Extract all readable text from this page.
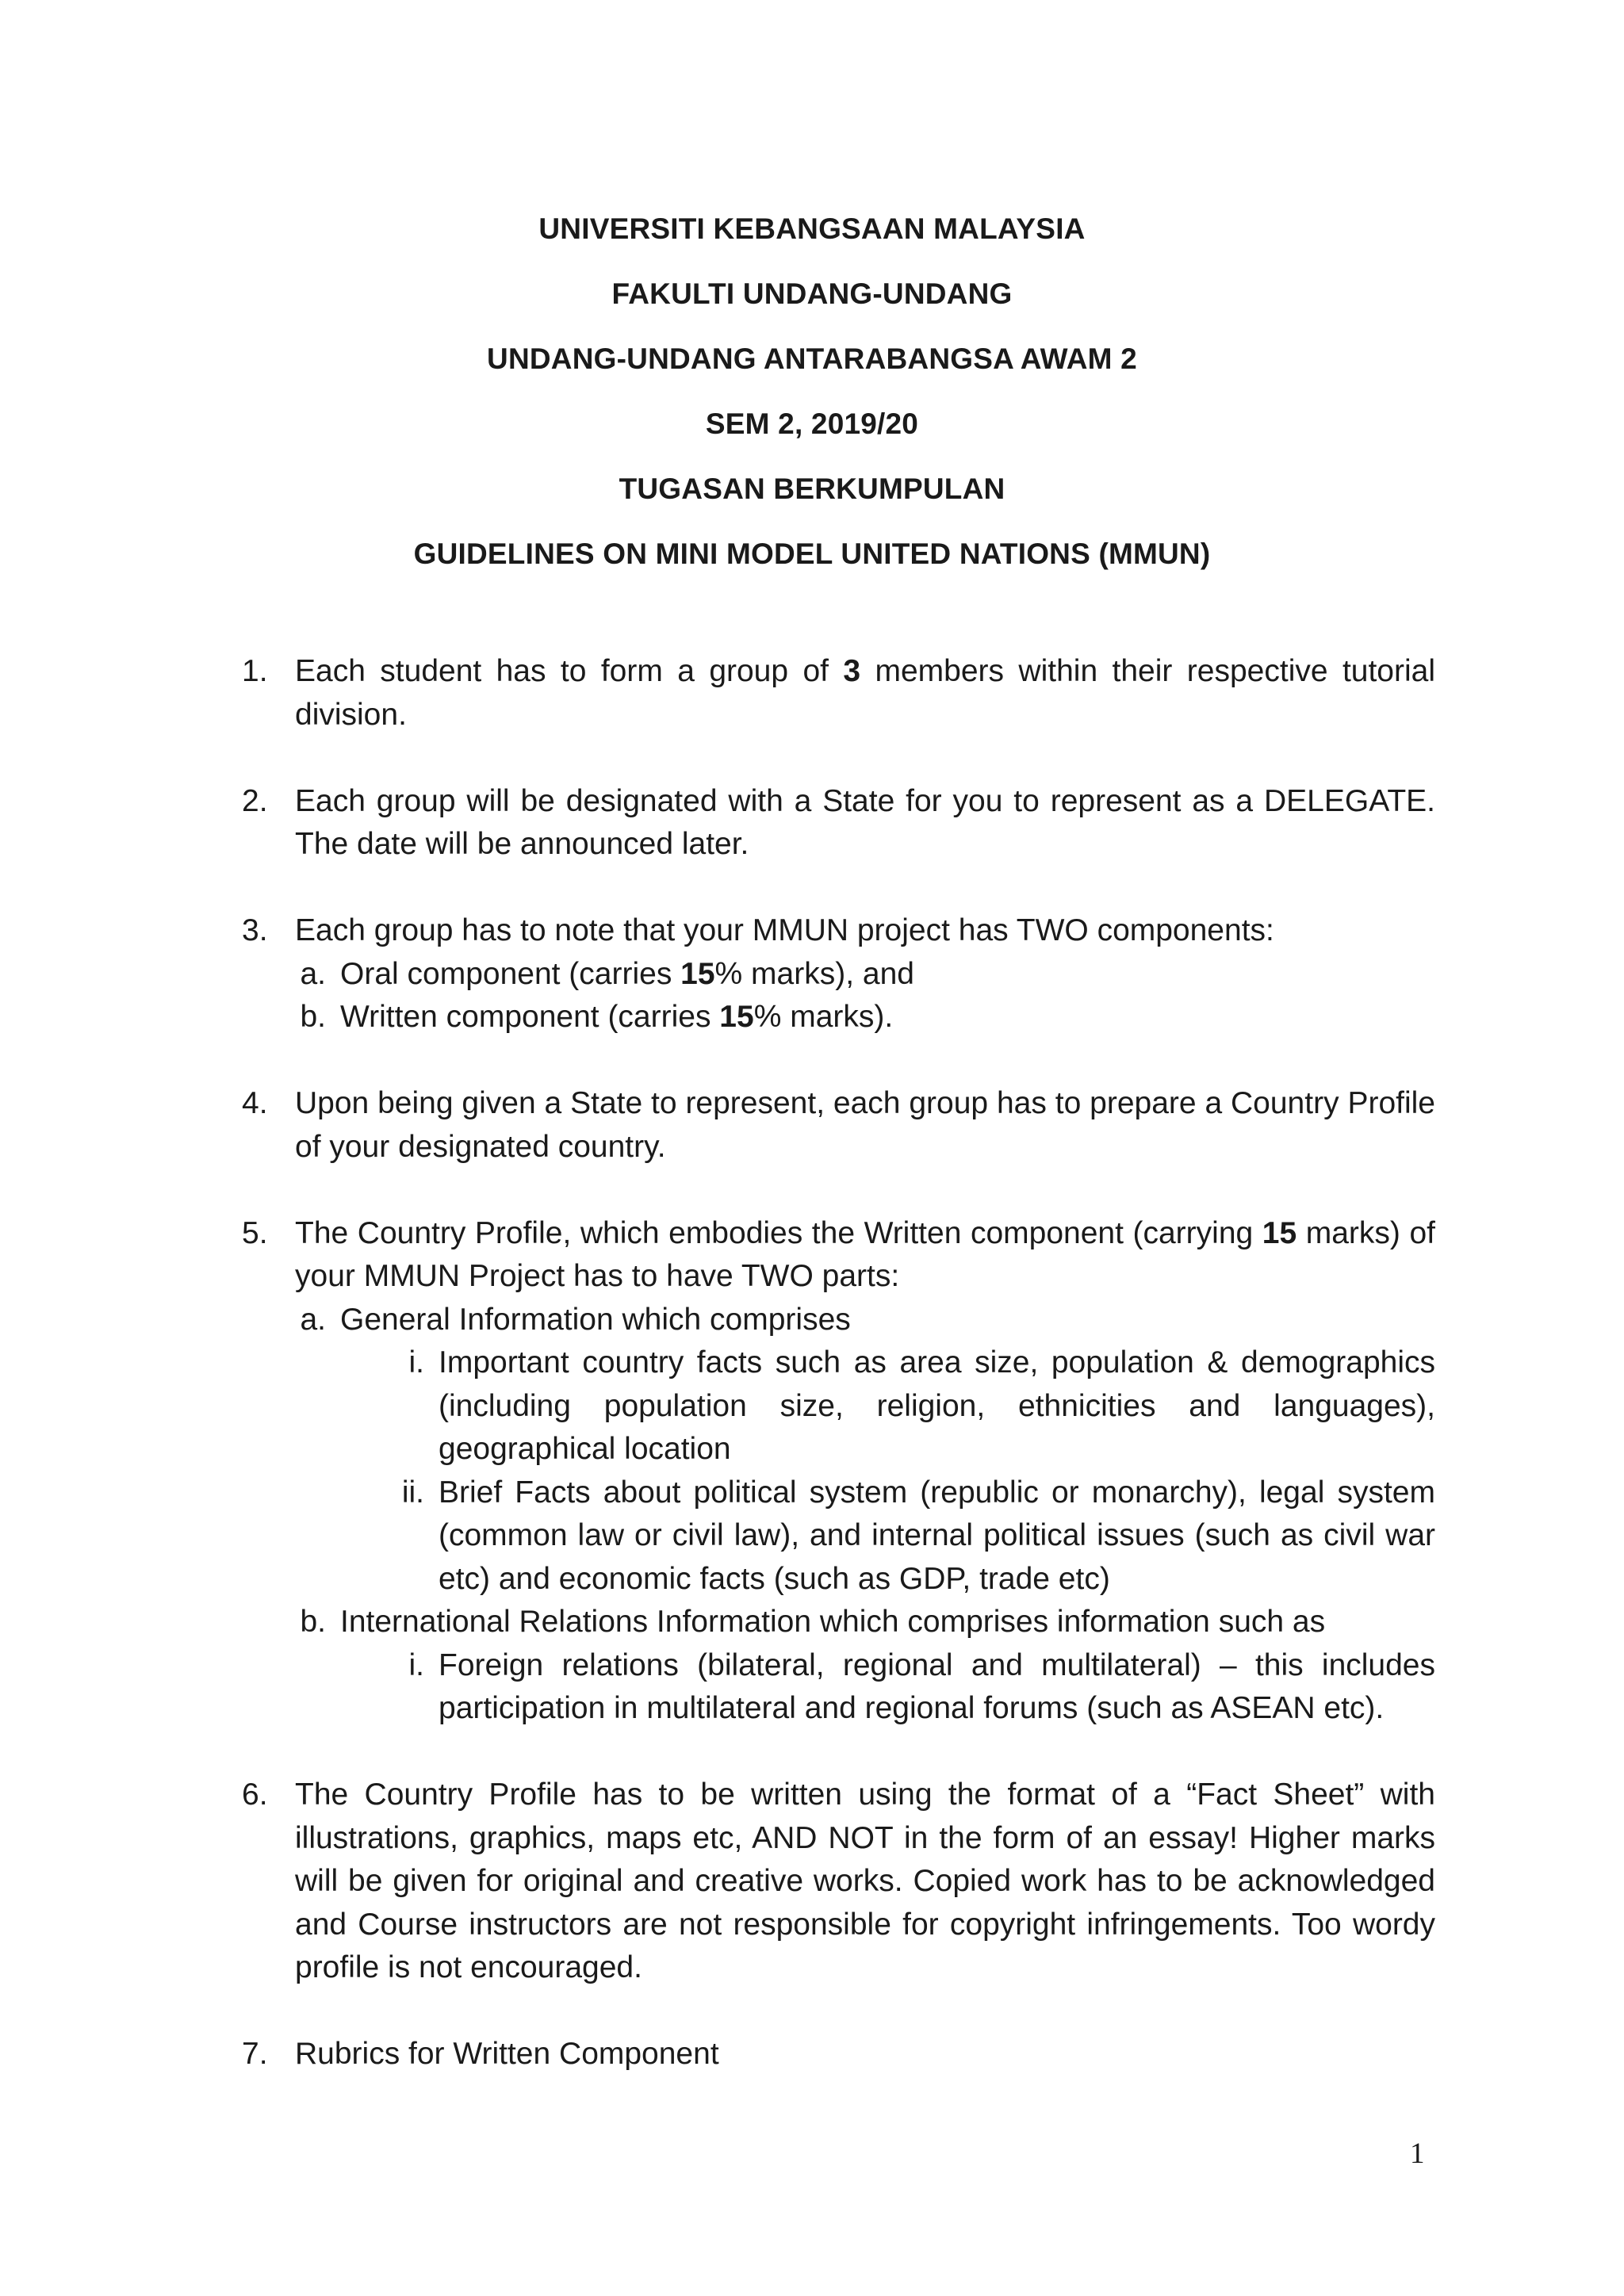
UNIVERSITI KEBANGSAAN MALAYSIA
FAKULTI UNDANG-UNDANG
UNDANG-UNDANG ANTARABANGSA AWAM 2
SEM 2, 2019/20
TUGASAN BERKUMPULAN
GUIDELINES ON MINI MODEL UNITED NATIONS (MMUN)
1. Each student has to form a group of 3 members within their respective tutorial division.
2. Each group will be designated with a State for you to represent as a DELEGATE. The date will be announced later.
3. Each group has to note that your MMUN project has TWO components:
a. Oral component (carries 15% marks), and
b. Written component (carries 15% marks).
4. Upon being given a State to represent, each group has to prepare a Country Profile of your designated country.
5. The Country Profile, which embodies the Written component (carrying 15 marks) of your MMUN Project has to have TWO parts:
a. General Information which comprises
i. Important country facts such as area size, population & demographics (including population size, religion, ethnicities and languages), geographical location
ii. Brief Facts about political system (republic or monarchy), legal system (common law or civil law), and internal political issues (such as civil war etc) and economic facts (such as GDP, trade etc)
b. International Relations Information which comprises information such as
i. Foreign relations (bilateral, regional and multilateral) – this includes participation in multilateral and regional forums (such as ASEAN etc).
6. The Country Profile has to be written using the format of a “Fact Sheet” with illustrations, graphics, maps etc, AND NOT in the form of an essay! Higher marks will be given for original and creative works. Copied work has to be acknowledged and Course instructors are not responsible for copyright infringements. Too wordy profile is not encouraged.
7. Rubrics for Written Component
1
